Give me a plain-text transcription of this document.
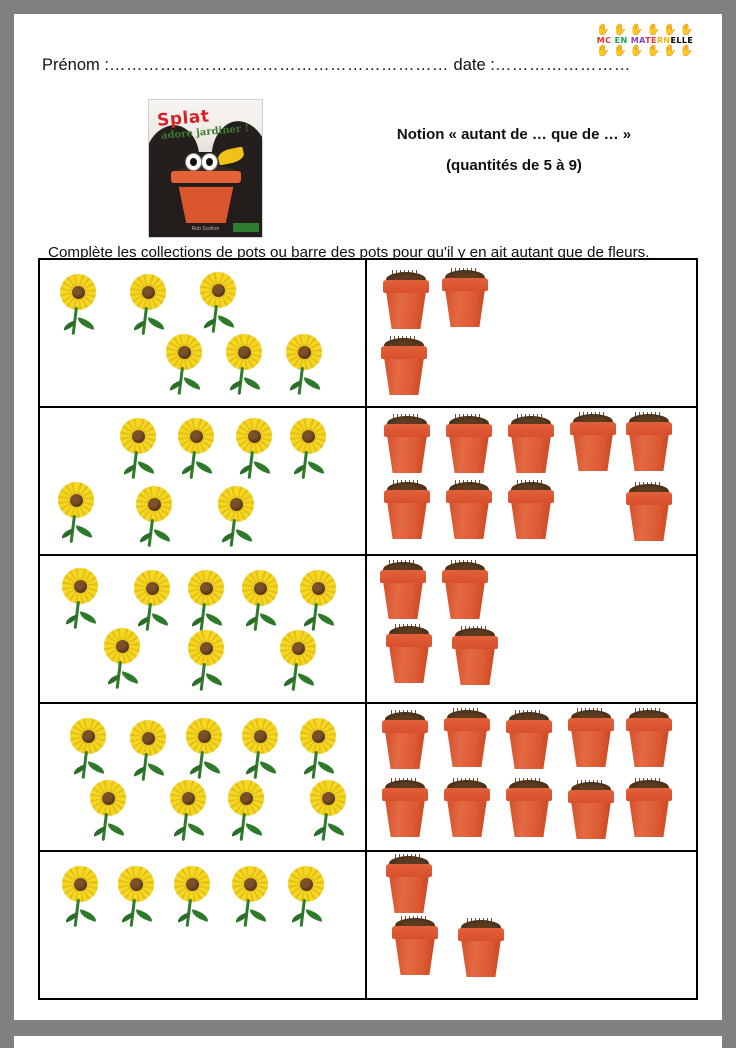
✋ ✋ ✋ ✋ ✋ ✋
MC EN MATERNELLE
✋ ✋ ✋ ✋ ✋ ✋
Prénom :…………………………………………………… date :……………………
Splat
adore jardiner !
Rob Scotton
Notion « autant de … que de … »
(quantités de 5 à 9)
Complète les collections de pots ou barre des pots pour qu'il y en ait autant que de fleurs.
